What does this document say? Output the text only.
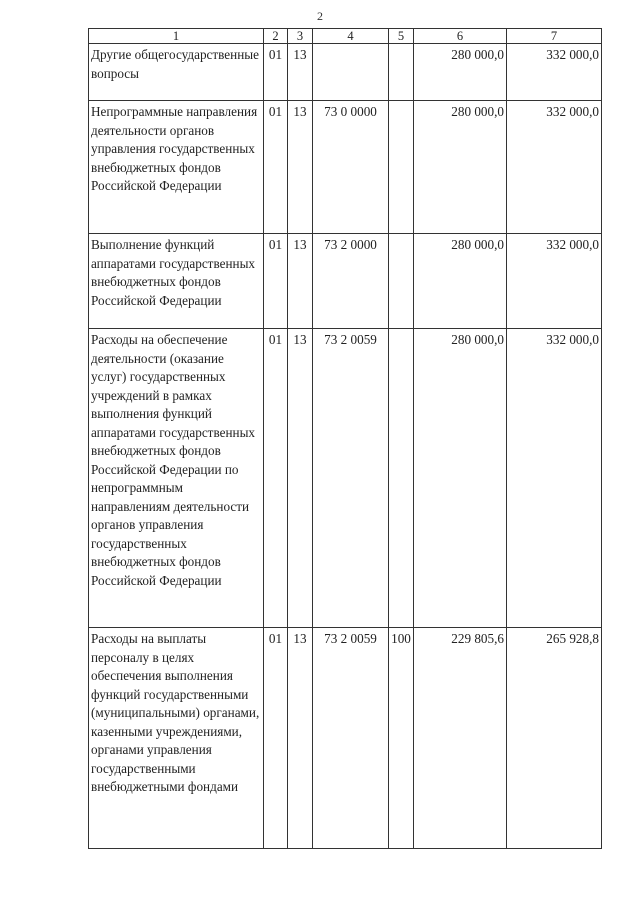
2
1	2	3	4	5	6	7
Другие общегосударственные вопросы	01	13			280 000,0	332 000,0
Непрограммные направления деятельности органов управления государственных внебюджетных фондов Российской Федерации	01	13	73 0 0000		280 000,0	332 000,0
Выполнение функций аппаратами государственных внебюджетных фондов Российской Федерации	01	13	73 2 0000		280 000,0	332 000,0
Расходы на обеспечение деятельности (оказание услуг) государственных учреждений в рамках выполнения функций аппаратами государственных внебюджетных фондов Российской Федерации по непрограммным направлениям деятельности органов управления государственных внебюджетных фондов Российской Федерации	01	13	73 2 0059		280 000,0	332 000,0
Расходы на выплаты персоналу в целях обеспечения выполнения функций государственными (муниципальными) органами, казенными учреждениями, органами управления государственными внебюджетными фондами	01	13	73 2 0059	100	229 805,6	265 928,8
